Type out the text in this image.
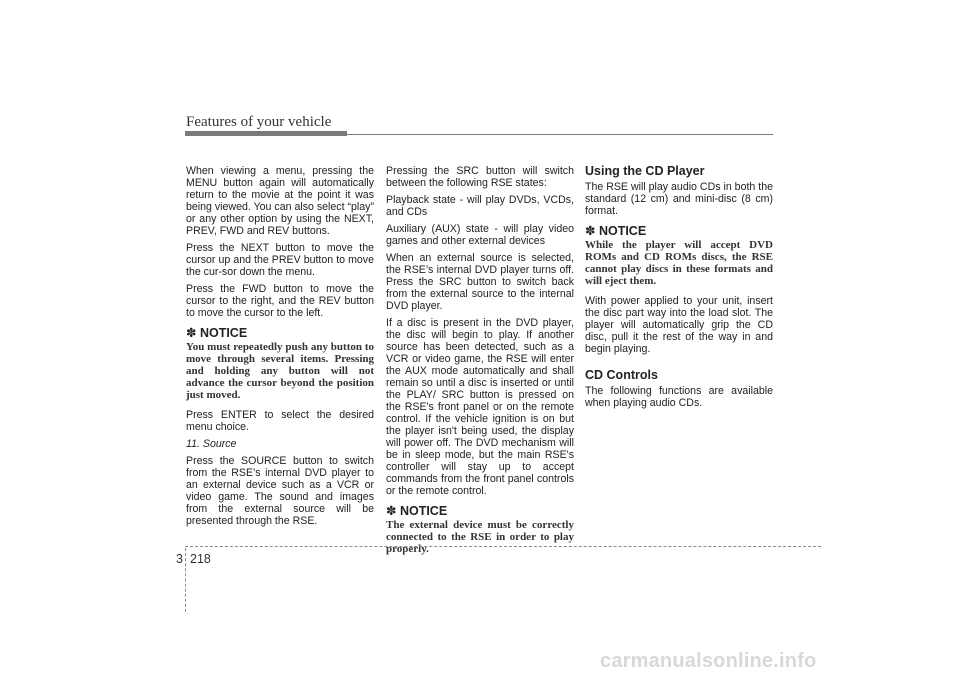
Features of your vehicle

When viewing a menu, pressing the MENU button again will automatically return to the movie at the point it was being viewed. You can also select “play” or any other option by using the NEXT, PREV, FWD and REV buttons.

Press the NEXT button to move the cursor up and the PREV button to move the cur-sor down the menu.

Press the FWD button to move the cursor to the right, and the REV button to move the cursor to the left.

✽ NOTICE
You must repeatedly push any button to move through several items. Pressing and holding any button will not advance the cursor beyond the position just moved.

Press ENTER to select the desired menu choice.

11. Source

Press the SOURCE button to switch from the RSE’s internal DVD player to an external device such as a VCR or video game. The sound and images from the external source will be presented through the RSE.

Pressing the SRC button will switch between the following RSE states:

Playback state - will play DVDs, VCDs, and CDs

Auxiliary (AUX) state - will play video games and other external devices

When an external source is selected, the RSE’s internal DVD player turns off. Press the SRC button to switch back from the external source to the internal DVD player.

If a disc is present in the DVD player, the disc will begin to play. If another source has been detected, such as a VCR or video game, the RSE will enter the AUX mode automatically and shall remain so until a disc is inserted or until the PLAY/ SRC button is pressed on the RSE's front panel or on the remote control. If the vehicle ignition is on but the player isn't being used, the display will power off. The DVD mechanism will be in sleep mode, but the main RSE's controller will stay up to accept commands from the front panel controls or the remote control.

✽ NOTICE
The external device must be correctly connected to the RSE in order to play properly.
Using the CD Player

The RSE will play audio CDs in both the standard (12 cm) and mini-disc (8 cm) format.

✽ NOTICE
While the player will accept DVD ROMs and CD ROMs discs, the RSE cannot play discs in these formats and will eject them.

With power applied to your unit, insert the disc part way into the load slot. The player will automatically grip the CD disc, pull it the rest of the way in and begin playing.

CD Controls

The following functions are available when playing audio CDs.

3 218
carmanualsonline.info
